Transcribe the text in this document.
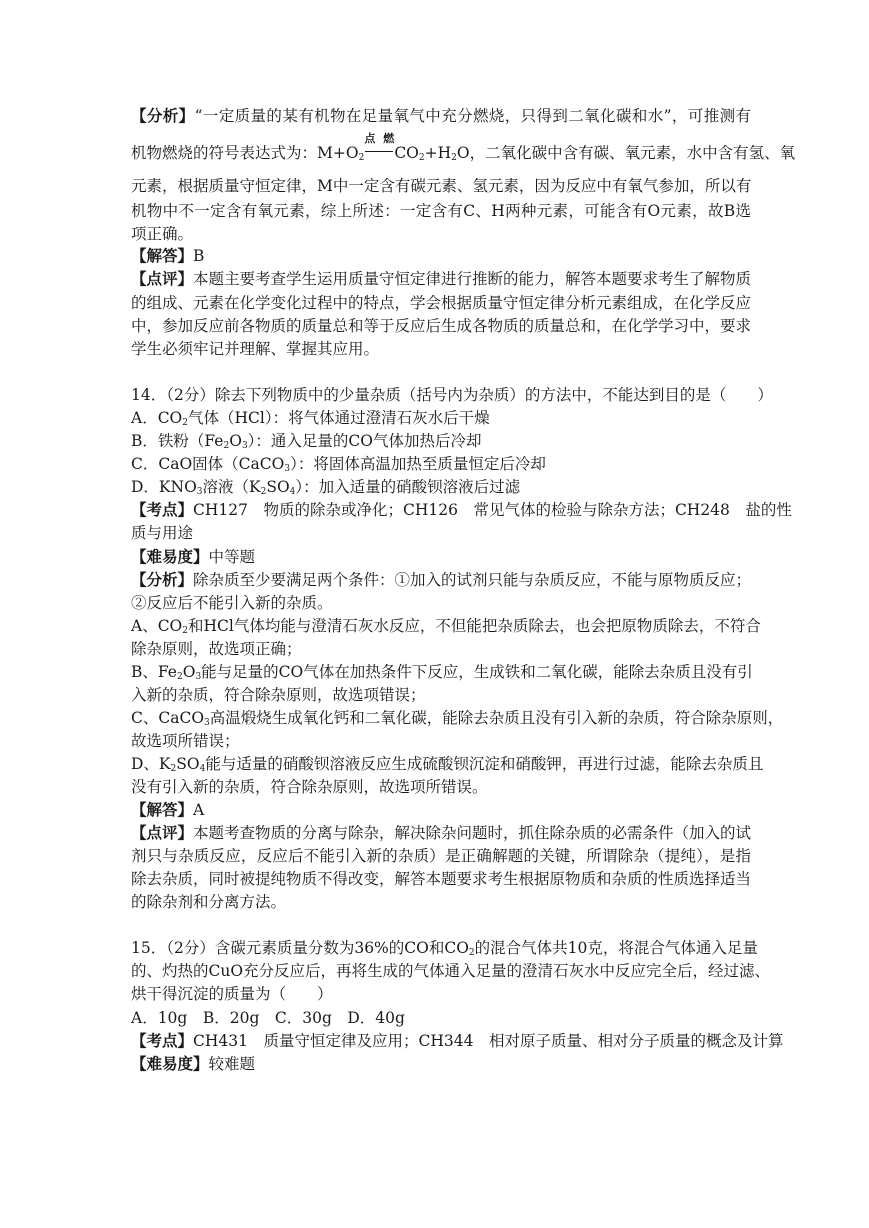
【分析】“一定质量的某有机物在足量氧气中充分燃烧，只得到二氧化碳和水”，可推测有
机物燃烧的符号表达式为：$M+O_2$
点燃
$CO_2+H_2O$，二氧化碳中含有碳、氧元素，水中含有氢、氧
元素，根据质量守恒定律，M中一定含有碳元素、氢元素，因为反应中有氧气参加，所以有
机物中不一定含有氧元素，综上所述：一定含有C、H两种元素，可能含有O元素，故B选
项正确。
【解答】B
【点评】本题主要考查学生运用质量守恒定律进行推断的能力，解答本题要求考生了解物质
的组成、元素在化学变化过程中的特点，学会根据质量守恒定律分析元素组成，在化学反应
中，参加反应前各物质的质量总和等于反应后生成各物质的质量总和，在化学学习中，要求
学生必须牢记并理解、掌握其应用。
14．（2分）除去下列物质中的少量杂质（括号内为杂质）的方法中，不能达到目的是（　　）
A．$CO_2$气体（HCl）：将气体通过澄清石灰水后干燥
B．铁粉$(Fe_2O_3)$：通入足量的CO气体加热后冷却
C．CaO固体（CaCO$_3$）：将固体高温加热至质量恒定后冷却
D．$KNO_3$溶液$(K_2SO_4)$：加入适量的硝酸钡溶液后过滤
【考点】CH127　物质的除杂或净化；CH126　常见气体的检验与除杂方法；CH248　盐的性
质与用途
【难易度】中等题
【分析】除杂质至少要满足两个条件：①加入的试剂只能与杂质反应，不能与原物质反应；
②反应后不能引入新的杂质。
A、$CO_2$和HCl气体均能与澄清石灰水反应，不但能把杂质除去，也会把原物质除去，不符合
除杂原则，故选项正确；
B、$Fe_2O_3$能与足量的CO气体在加热条件下反应，生成铁和二氧化碳，能除去杂质且没有引
入新的杂质，符合除杂原则，故选项错误；
C、CaCO$_3$高温煅烧生成氧化钙和二氧化碳，能除去杂质且没有引入新的杂质，符合除杂原则，
故选项所错误；
D、$K_2SO_4$能与适量的硝酸钡溶液反应生成硫酸钡沉淀和硝酸钾，再进行过滤，能除去杂质且
没有引入新的杂质，符合除杂原则，故选项所错误。
【解答】A
【点评】本题考查物质的分离与除杂，解决除杂问题时，抓住除杂质的必需条件（加入的试
剂只与杂质反应，反应后不能引入新的杂质）是正确解题的关键，所谓除杂（提纯），是指
除去杂质，同时被提纯物质不得改变，解答本题要求考生根据原物质和杂质的性质选择适当
的除杂剂和分离方法。
15．（2分）含碳元素质量分数为36%的CO和$CO_2$的混合气体共10克，将混合气体通入足量
的、灼热的CuO充分反应后，再将生成的气体通入足量的澄清石灰水中反应完全后，经过滤、
烘干得沉淀的质量为（　　）
A．10g　B．20g　C．30g　D．40g
【考点】CH431　质量守恒定律及应用；CH344　相对原子质量、相对分子质量的概念及计算
【难易度】较难题
